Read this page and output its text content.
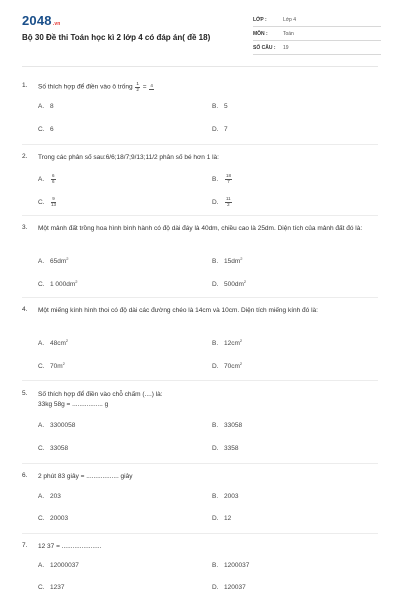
2048.vn
Bộ 30 Đề thi Toán học kì 2 lớp 4 có đáp án( đề 18)
LỚP :	Lớp 4
MÔN :	Toán
SỐ CÂU : 19
1.	Số thích hợp để điền vào ô trống $\frac{1}{2} = 4$
A. 8	B. 5
C. 6	D. 7
2.	Trong các phân số sau:6/6;18/7;9/13;11/2 phân số bé hơn 1 là:
A. $\frac{6}{6}$	B. $\frac{18}{7}$
C. $\frac{9}{13}$	D. $\frac{11}{2}$
3.	Một mảnh đất trồng hoa hình bình hành có độ dài đáy là 40dm, chiều cao là 25dm. Diện tích của mảnh đất đó là:
A. $65dm^2$	B. $15dm^2$
C. 1 $000dm^2$	D. $500dm^2$
4.	Một miếng kính hình thoi có độ dài các đường chéo là 14cm và 10cm. Diện tích miếng kính đó là:
A. $48cm^2$	B. $12cm^2$
C. $70m^2$	D. $70cm^2$
5.	Số thích hợp để điền vào chỗ chấm (....) là:
33kg 58g = ................. g
A. 3300058	B. 33058
C. 33058	D. 3358
6.	2 phút 83 giây = .................. giây
A. 203	B. 2003
C. 20003	D. 12
7.	12 37 = ......................
A. 12000037	B. 1200037
C. 1237	D. 120037
